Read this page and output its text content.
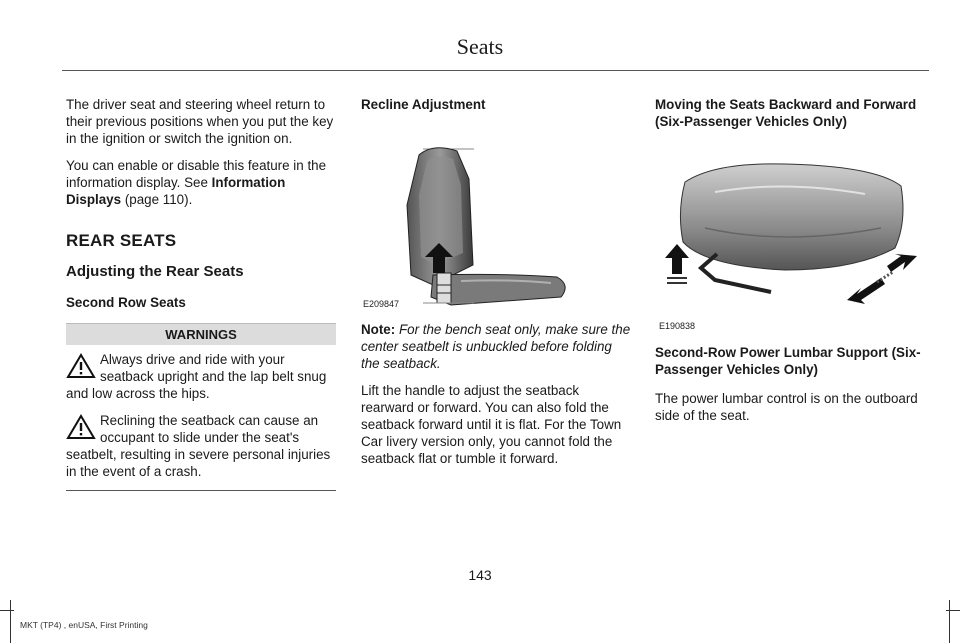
Seats

The driver seat and steering wheel return to their previous positions when you put the key in the ignition or switch the ignition on.

You can enable or disable this feature in the information display. See Information Displays (page 110).

REAR SEATS
Adjusting the Rear Seats
Second Row Seats
WARNINGS
Always drive and ride with your seatback upright and the lap belt snug and low across the hips.
Reclining the seatback can cause an occupant to slide under the seat's seatbelt, resulting in severe personal injuries in the event of a crash.
Recline Adjustment
E209847

Note: For the bench seat only, make sure the center seatbelt is unbuckled before folding the seatback.

Lift the handle to adjust the seatback rearward or forward. You can also fold the seatback forward until it is flat. For the Town Car livery version only, you cannot fold the seatback flat or tumble it forward.

Moving the Seats Backward and Forward (Six-Passenger Vehicles Only)
E190838
Second-Row Power Lumbar Support (Six-Passenger Vehicles Only)

The power lumbar control is on the outboard side of the seat.

143
MKT (TP4) , enUSA, First Printing
